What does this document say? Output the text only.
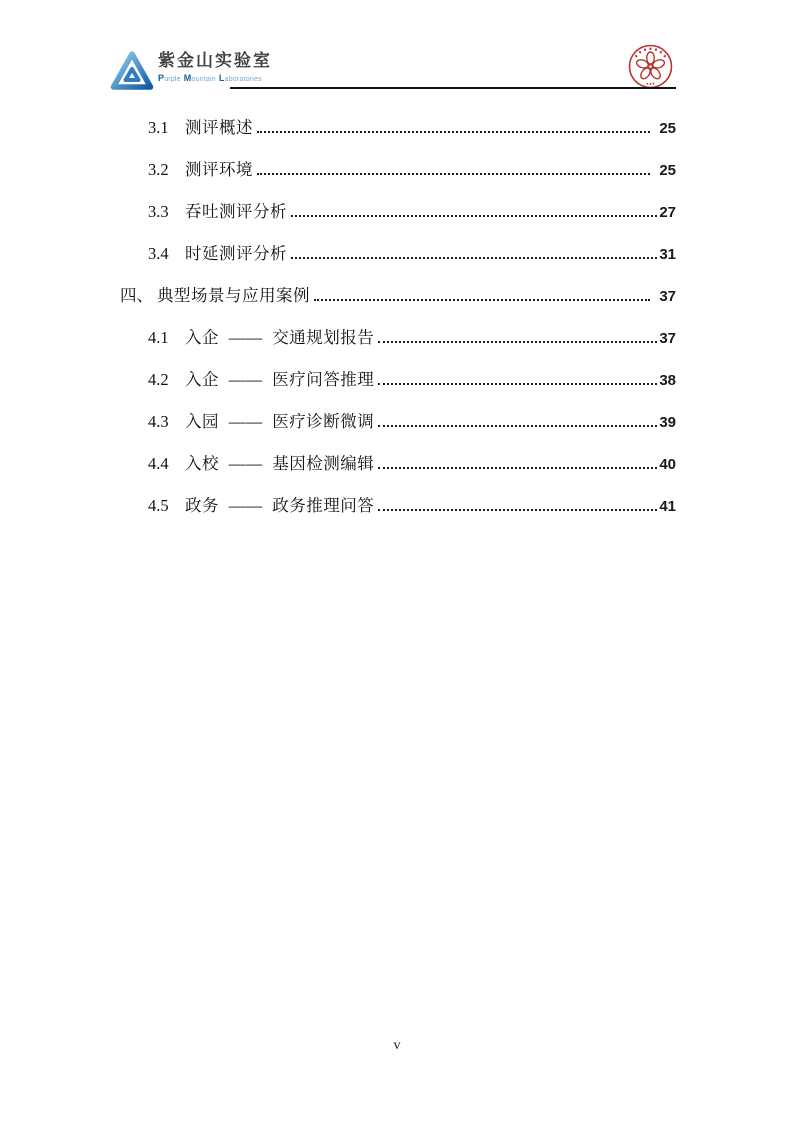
紫金山实验室
Purple Mountain Laboratories
3.1 测评概述	25
3.2 测评环境	25
3.3 吞吐测评分析	27
3.4 时延测评分析	31
四、 典型场景与应用案例	37
4.1 入企 —— 交通规划报告	37
4.2 入企 —— 医疗问答推理	38
4.3 入园 —— 医疗诊断微调	39
4.4 入校 —— 基因检测编辑	40
4.5 政务 —— 政务推理问答	41
v
